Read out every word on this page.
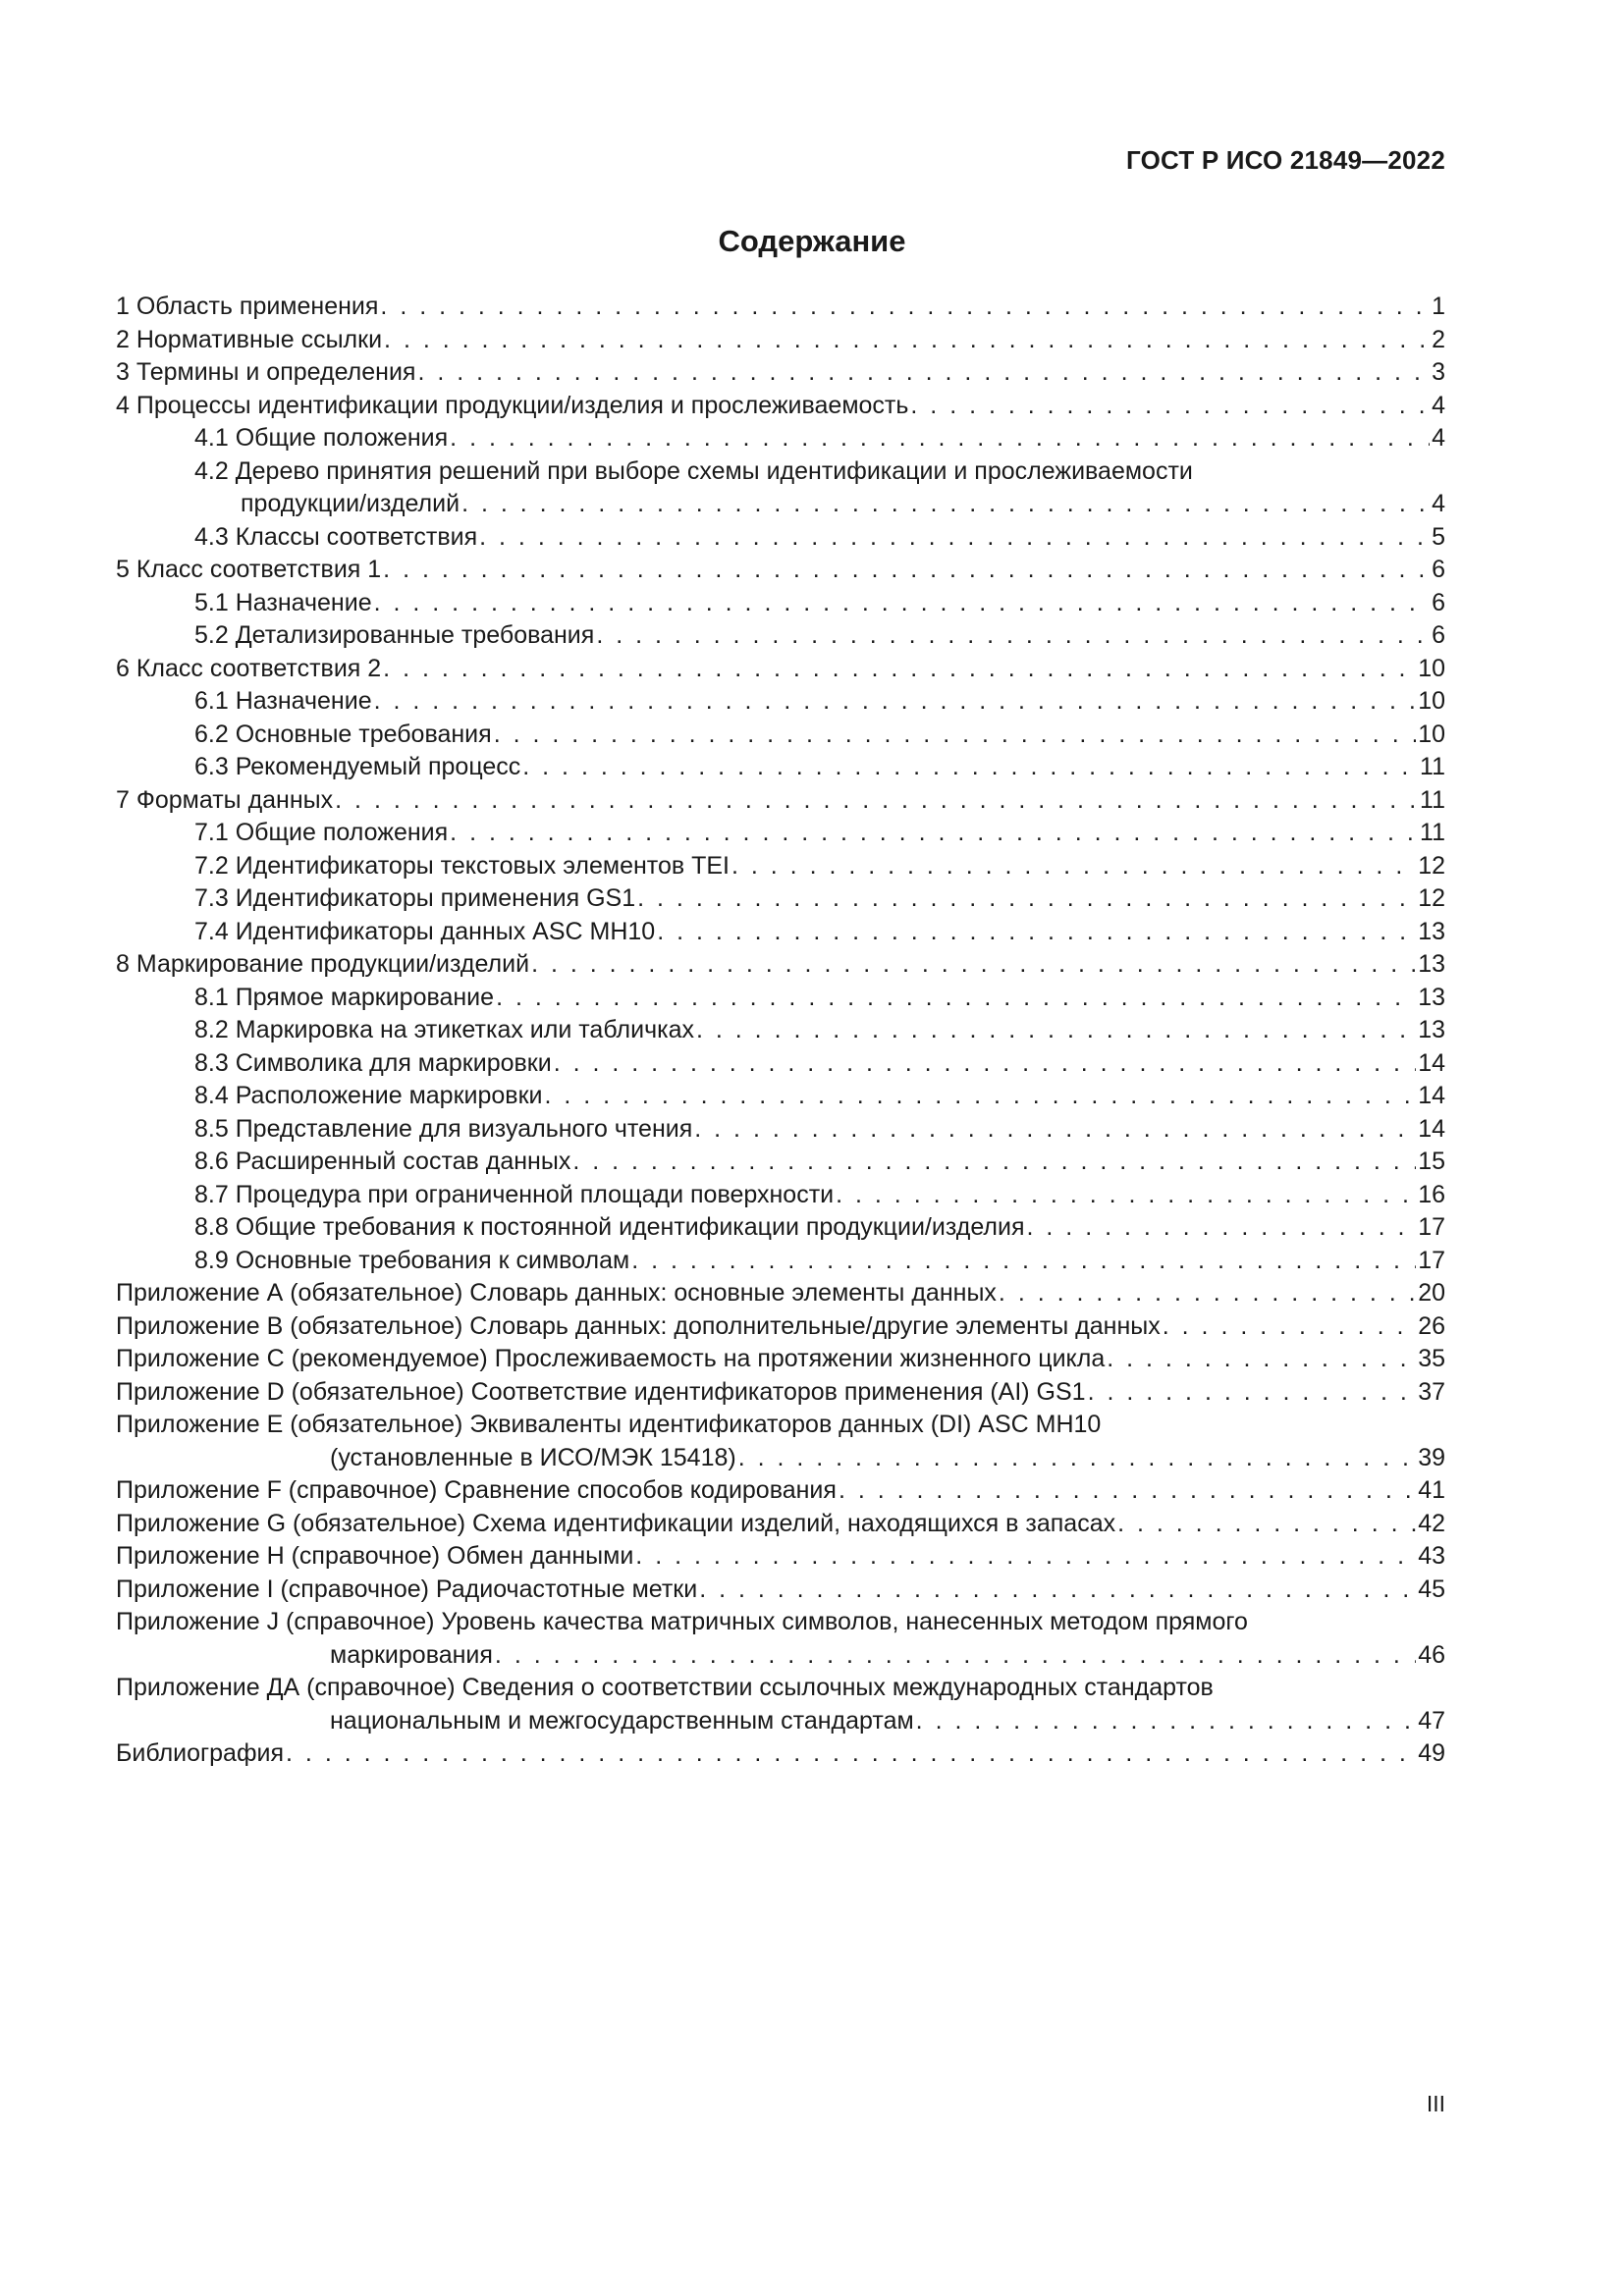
ГОСТ Р ИСО 21849—2022
Содержание
1 Область применения . . .	1
2 Нормативные ссылки . . .	2
3 Термины и определения . . .	3
4 Процессы идентификации продукции/изделия и прослеживаемость . . .	4
4.1 Общие положения . . .	4
4.2 Дерево принятия решений при выборе схемы идентификации и прослеживаемости
продукции/изделий . . .	4
4.3 Классы соответствия . . .	5
5 Класс соответствия 1 . . .	6
5.1 Назначение . . .	6
5.2 Детализированные требования . . .	6
6 Класс соответствия 2 . . .	10
6.1 Назначение . . .	10
6.2 Основные требования . . .	10
6.3 Рекомендуемый процесс . . .	11
7 Форматы данных . . .	11
7.1 Общие положения . . .	11
7.2 Идентификаторы текстовых элементов TEI . . .	12
7.3 Идентификаторы применения GS1 . . .	12
7.4 Идентификаторы данных ASC MH10 . . .	13
8 Маркирование продукции/изделий . . .	13
8.1 Прямое маркирование . . .	13
8.2 Маркировка на этикетках или табличках . . .	13
8.3 Символика для маркировки . . .	14
8.4 Расположение маркировки . . .	14
8.5 Представление для визуального чтения . . .	14
8.6 Расширенный состав данных . . .	15
8.7 Процедура при ограниченной площади поверхности . . .	16
8.8 Общие требования к постоянной идентификации продукции/изделия . . .	17
8.9 Основные требования к символам . . .	17
Приложение А (обязательное) Словарь данных: основные элементы данных . . .	20
Приложение В (обязательное) Словарь данных: дополнительные/другие элементы данных . . .	26
Приложение С (рекомендуемое) Прослеживаемость на протяжении жизненного цикла . . .	35
Приложение D (обязательное) Соответствие идентификаторов применения (AI) GS1 . . .	37
Приложение Е (обязательное) Эквиваленты идентификаторов данных (DI) ASC MH10
(установленные в ИСО/МЭК 15418) . . .	39
Приложение F (справочное) Сравнение способов кодирования . . .	41
Приложение G (обязательное) Схема идентификации изделий, находящихся в запасах . . .	42
Приложение Н (справочное) Обмен данными . . .	43
Приложение I (справочное) Радиочастотные метки . . .	45
Приложение J (справочное) Уровень качества матричных символов, нанесенных методом прямого
маркирования . . .	46
Приложение ДА (справочное) Сведения о соответствии ссылочных международных стандартов
национальным и межгосударственным стандартам . . .	47
Библиография . . .	49
III
